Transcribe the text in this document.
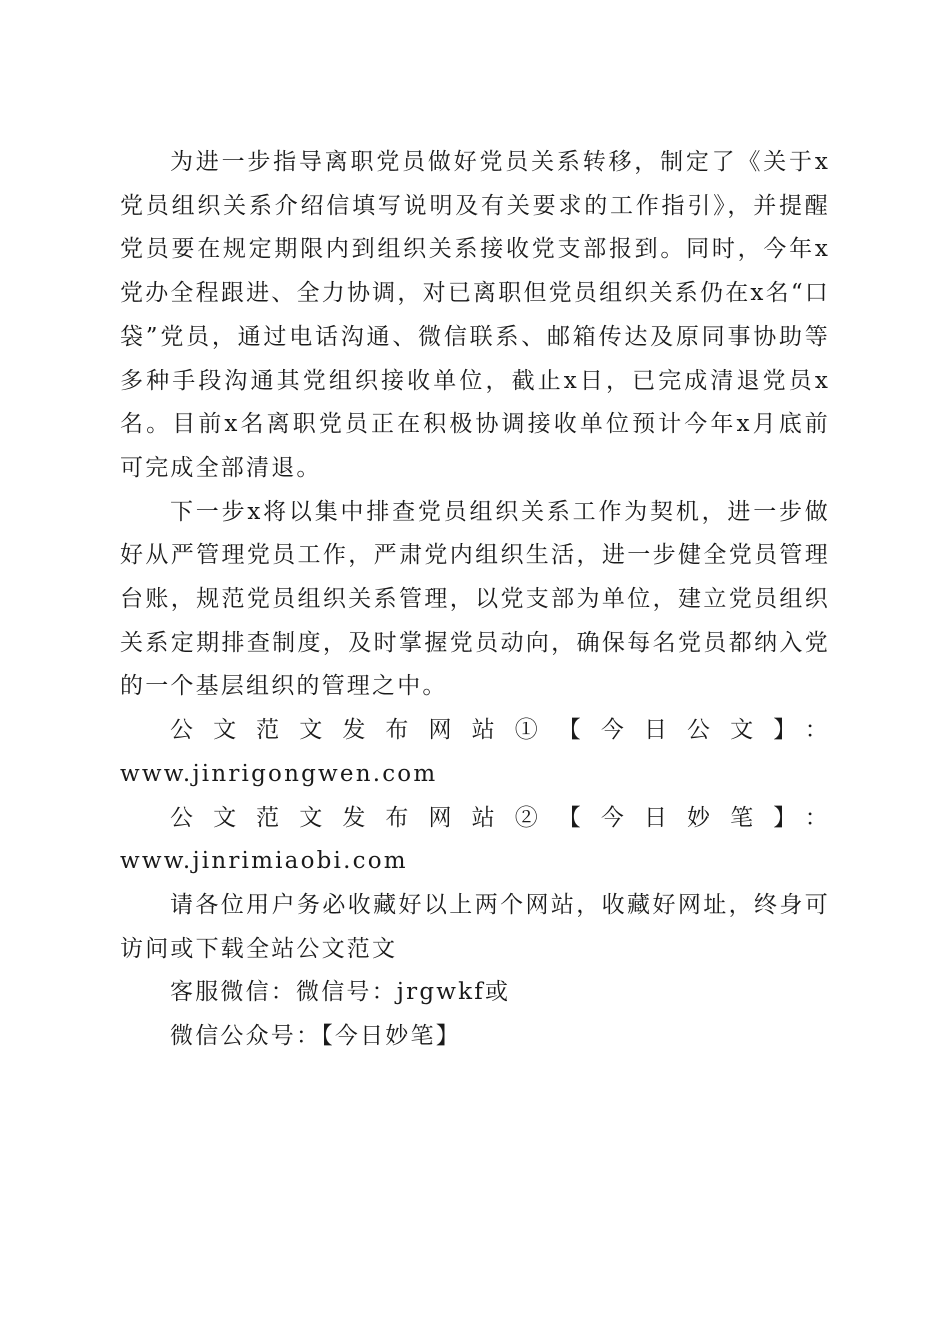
为进一步指导离职党员做好党员关系转移，制定了《关于x党员组织关系介绍信填写说明及有关要求的工作指引》，并提醒党员要在规定期限内到组织关系接收党支部报到。同时，今年x党办全程跟进、全力协调，对已离职但党员组织关系仍在x名“口袋”党员，通过电话沟通、微信联系、邮箱传达及原同事协助等多种手段沟通其党组织接收单位，截止x日，已完成清退党员x名。目前x名离职党员正在积极协调接收单位预计今年x月底前可完成全部清退。

下一步x将以集中排查党员组织关系工作为契机，进一步做好从严管理党员工作，严肃党内组织生活，进一步健全党员管理台账，规范党员组织关系管理，以党支部为单位，建立党员组织关系定期排查制度，及时掌握党员动向，确保每名党员都纳入党的一个基层组织的管理之中。

公文范文发布网站①【今日公文】：

www.jinrigongwen.com

公文范文发布网站②【今日妙笔】：www.jinrimiaobi.com

请各位用户务必收藏好以上两个网站，收藏好网址，终身可访问或下载全站公文范文

客服微信：微信号：jrgwkf或

微信公众号：【今日妙笔】
